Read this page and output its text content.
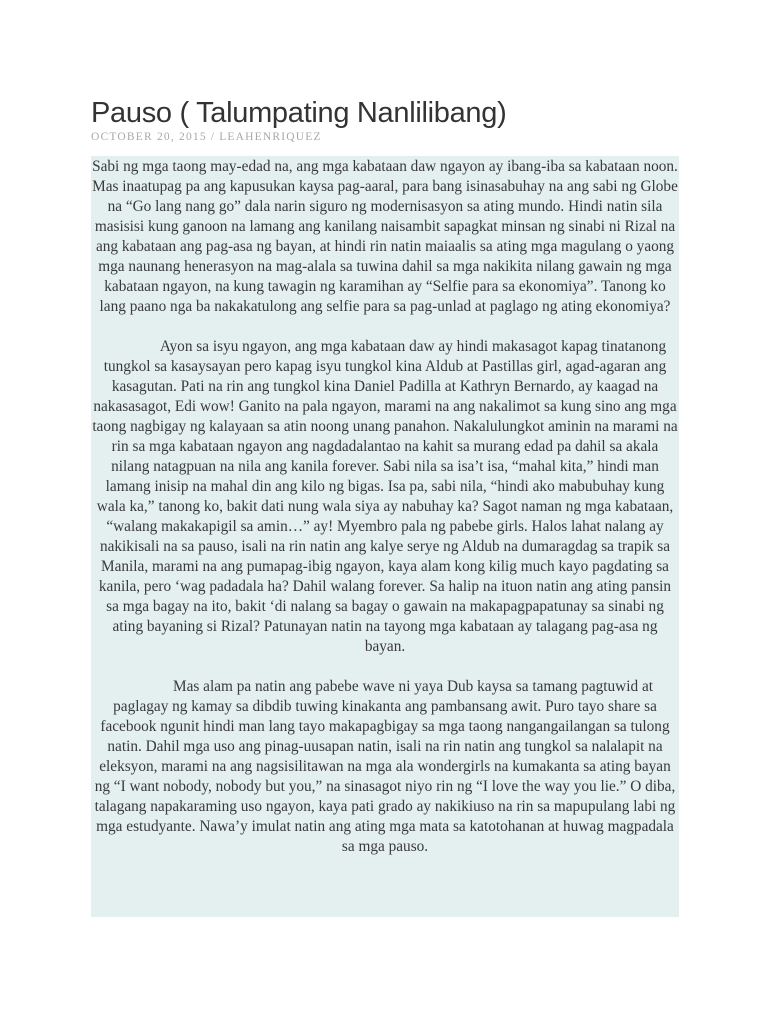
Pauso ( Talumpating Nanlilibang)
OCTOBER 20, 2015 / LEAHENRIQUEZ

Sabi ng mga taong may-edad na, ang mga kabataan daw ngayon ay ibang-iba sa kabataan noon. Mas inaatupag pa ang kapusukan kaysa pag-aaral, para bang isinasabuhay na ang sabi ng Globe na “Go lang nang go” dala narin siguro ng modernisasyon sa ating mundo. Hindi natin sila masisisi kung ganoon na lamang ang kanilang naisambit sapagkat minsan ng sinabi ni Rizal na ang kabataan ang pag-asa ng bayan, at hindi rin natin maiaalis sa ating mga magulang o yaong mga naunang henerasyon na mag-alala sa tuwina dahil sa mga nakikita nilang gawain ng mga kabataan ngayon, na kung tawagin ng karamihan ay “Selfie para sa ekonomiya”. Tanong ko lang paano nga ba nakakatulong ang selfie para sa pag-unlad at paglago ng ating ekonomiya?

Ayon sa isyu ngayon, ang mga kabataan daw ay hindi makasagot kapag tinatanong tungkol sa kasaysayan pero kapag isyu tungkol kina Aldub at Pastillas girl, agad-agaran ang kasagutan. Pati na rin ang tungkol kina Daniel Padilla at Kathryn Bernardo, ay kaagad na nakasasagot, Edi wow! Ganito na pala ngayon, marami na ang nakalimot sa kung sino ang mga taong nagbigay ng kalayaan sa atin noong unang panahon. Nakalulungkot aminin na marami na rin sa mga kabataan ngayon ang nagdadalantao na kahit sa murang edad pa dahil sa akala nilang natagpuan na nila ang kanila forever. Sabi nila sa isa’t isa, “mahal kita,” hindi man lamang inisip na mahal din ang kilo ng bigas. Isa pa, sabi nila, “hindi ako mabubuhay kung wala ka,” tanong ko, bakit dati nung wala siya ay nabuhay ka? Sagot naman ng mga kabataan, “walang makakapigil sa amin…” ay! Myembro pala ng pabebe girls. Halos lahat nalang ay nakikisali na sa pauso, isali na rin natin ang kalye serye ng Aldub na dumaragdag sa trapik sa Manila, marami na ang pumapag-ibig ngayon, kaya alam kong kilig much kayo pagdating sa kanila, pero ‘wag padadala ha? Dahil walang forever. Sa halip na ituon natin ang ating pansin sa mga bagay na ito, bakit ‘di nalang sa bagay o gawain na makapagpapatunay sa sinabi ng ating bayaning si Rizal? Patunayan natin na tayong mga kabataan ay talagang pag-asa ng bayan.

Mas alam pa natin ang pabebe wave ni yaya Dub kaysa sa tamang pagtuwid at paglagay ng kamay sa dibdib tuwing kinakanta ang pambansang awit. Puro tayo share sa facebook ngunit hindi man lang tayo makapagbigay sa mga taong nangangailangan sa tulong natin. Dahil mga uso ang pinag-uusapan natin, isali na rin natin ang tungkol sa nalalapit na eleksyon, marami na ang nagsisilitawan na mga ala wondergirls na kumakanta sa ating bayan ng “I want nobody, nobody but you,” na sinasagot niyo rin ng “I love the way you lie.” O diba, talagang napakaraming uso ngayon, kaya pati grado ay nakikiuso na rin sa mapupulang labi ng mga estudyante. Nawa’y imulat natin ang ating mga mata sa katotohanan at huwag magpadala sa mga pauso.
